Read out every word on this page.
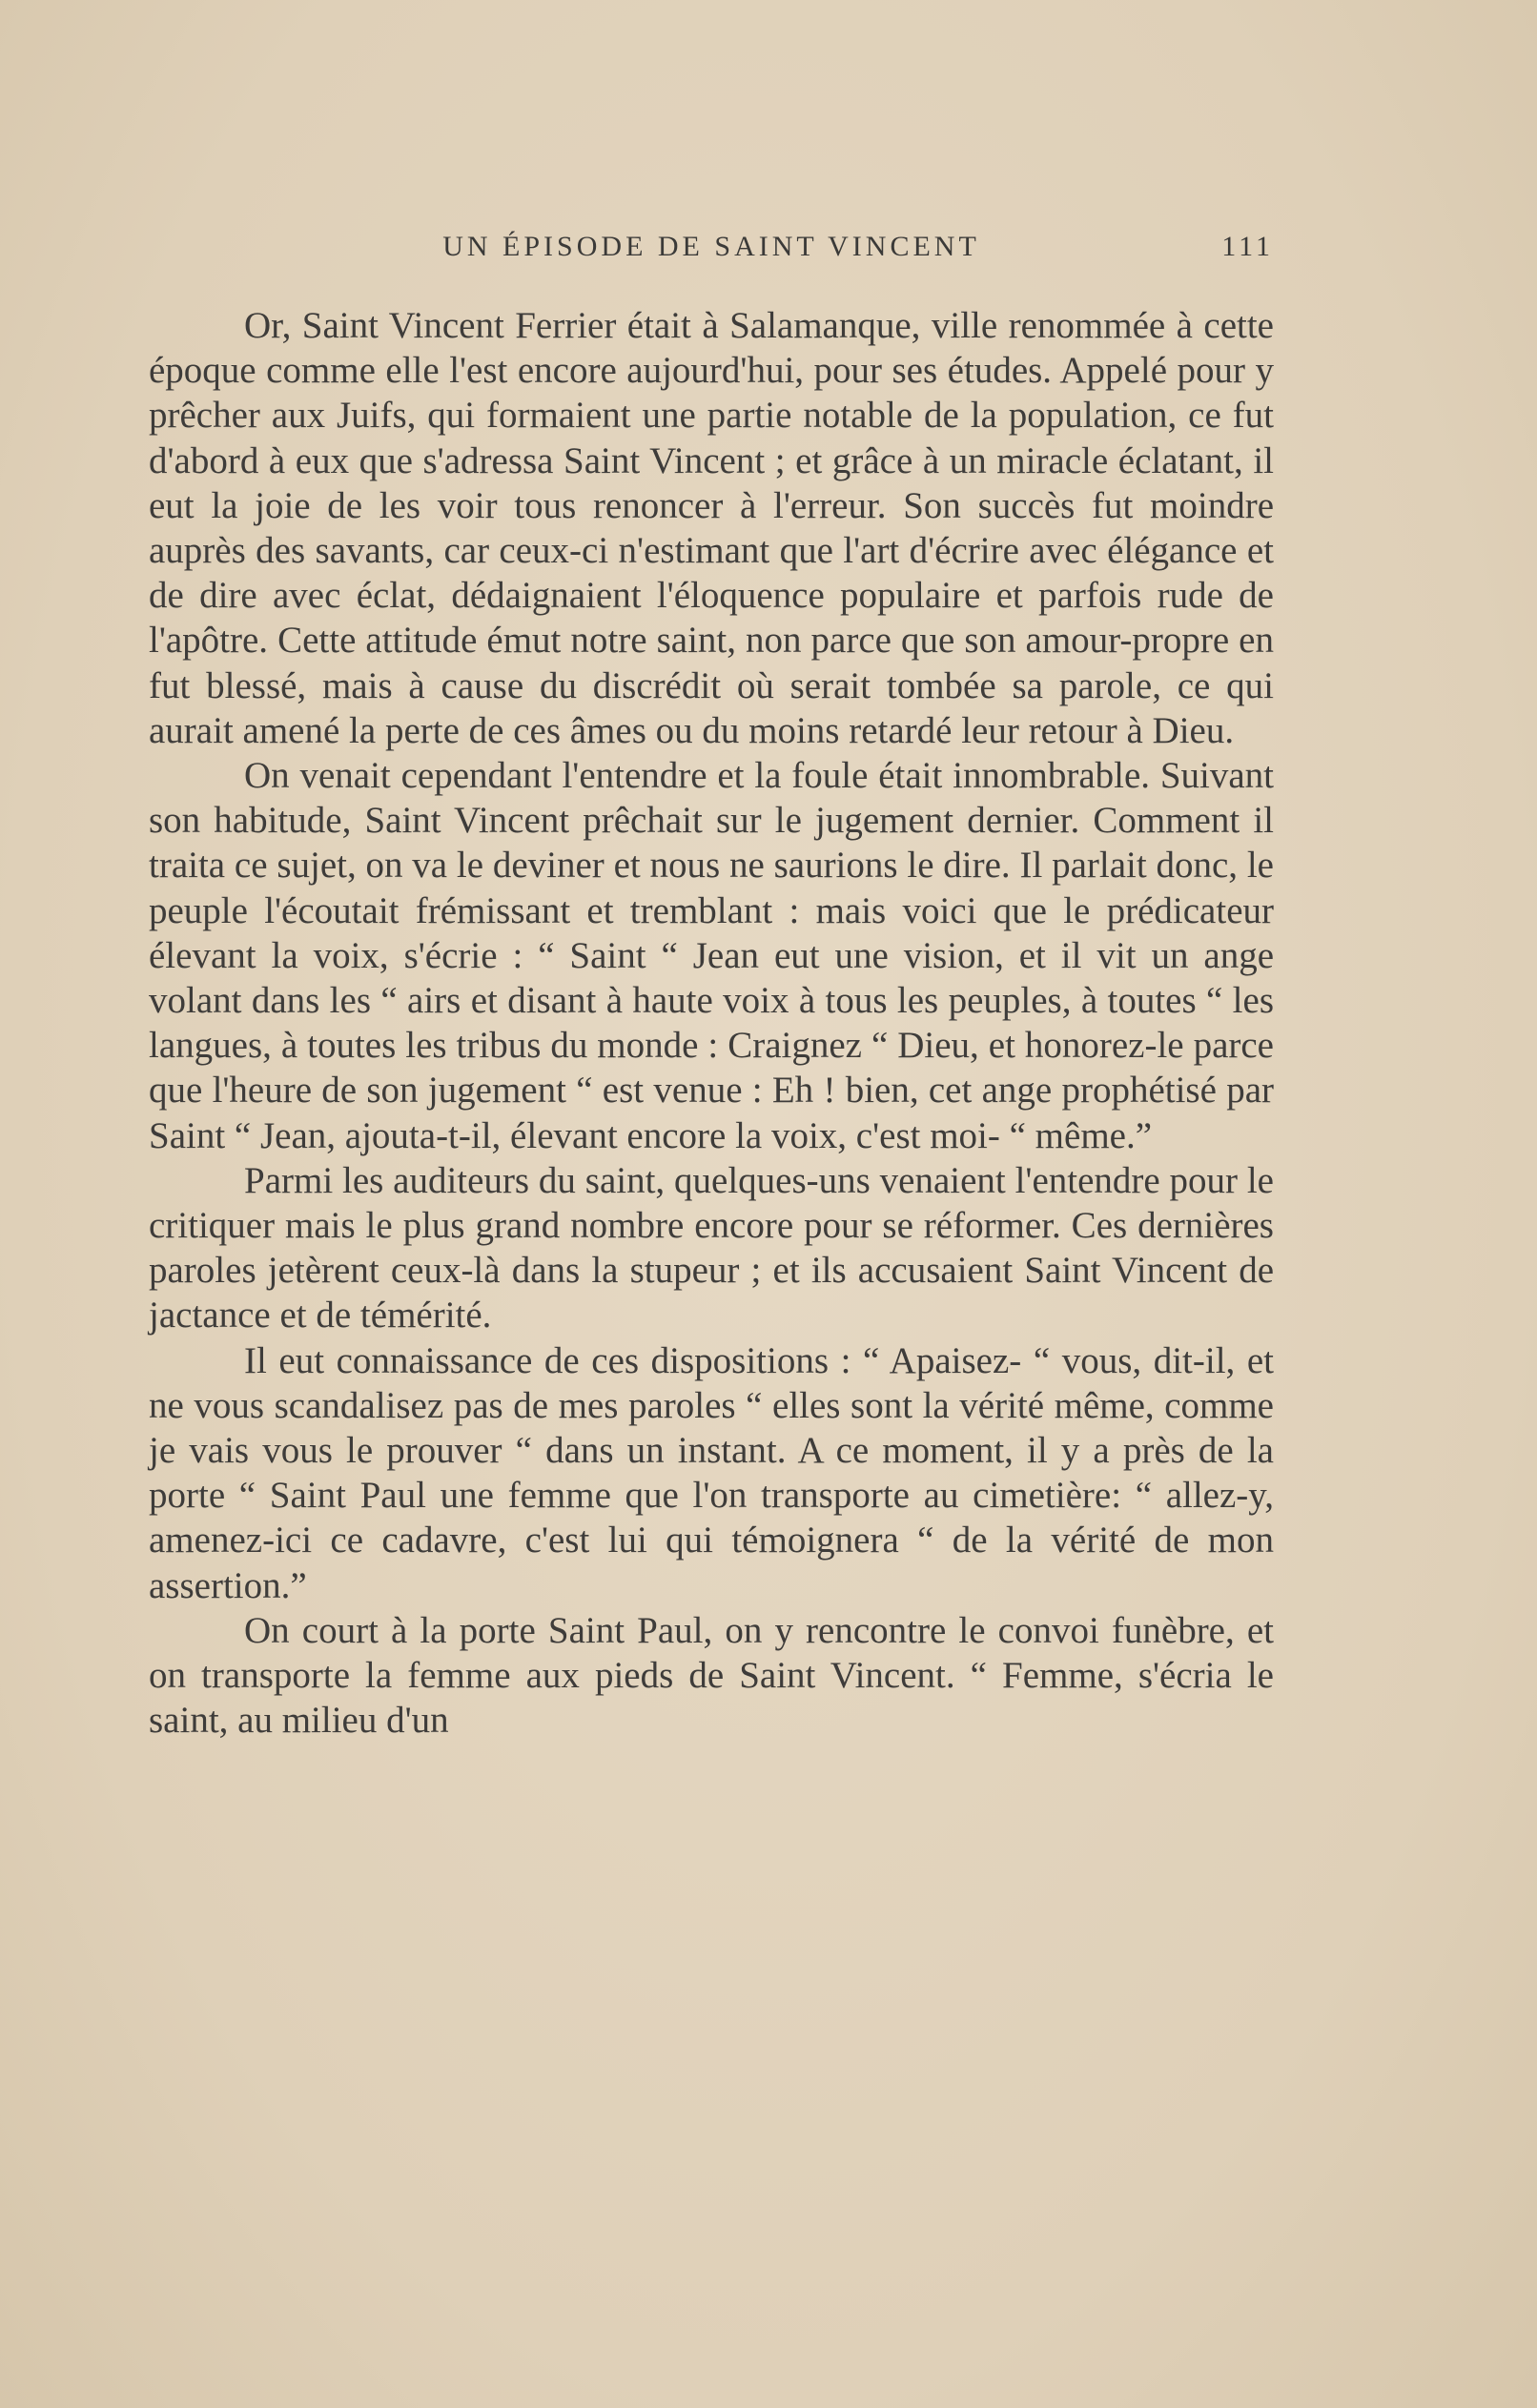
UN ÉPISODE DE SAINT VINCENT	111

Or, Saint Vincent Ferrier était à Salamanque, ville renommée à cette époque comme elle l'est encore aujourd'hui, pour ses études. Appelé pour y prêcher aux Juifs, qui formaient une partie notable de la population, ce fut d'abord à eux que s'adressa Saint Vincent ; et grâce à un miracle éclatant, il eut la joie de les voir tous renoncer à l'erreur. Son succès fut moindre auprès des savants, car ceux-ci n'estimant que l'art d'écrire avec élégance et de dire avec éclat, dédaignaient l'éloquence populaire et parfois rude de l'apôtre. Cette attitude émut notre saint, non parce que son amour-propre en fut blessé, mais à cause du discrédit où serait tombée sa parole, ce qui aurait amené la perte de ces âmes ou du moins retardé leur retour à Dieu.

On venait cependant l'entendre et la foule était innombrable. Suivant son habitude, Saint Vincent prêchait sur le jugement dernier. Comment il traita ce sujet, on va le deviner et nous ne saurions le dire. Il parlait donc, le peuple l'écoutait frémissant et tremblant : mais voici que le prédicateur élevant la voix, s'écrie : “ Saint “ Jean eut une vision, et il vit un ange volant dans les “ airs et disant à haute voix à tous les peuples, à toutes “ les langues, à toutes les tribus du monde : Craignez “ Dieu, et honorez-le parce que l'heure de son jugement “ est venue : Eh ! bien, cet ange prophétisé par Saint “ Jean, ajouta-t-il, élevant encore la voix, c'est moi- “ même.”

Parmi les auditeurs du saint, quelques-uns venaient l'entendre pour le critiquer mais le plus grand nombre encore pour se réformer. Ces dernières paroles jetèrent ceux-là dans la stupeur ; et ils accusaient Saint Vincent de jactance et de témérité.

Il eut connaissance de ces dispositions : “ Apaisez- “ vous, dit-il, et ne vous scandalisez pas de mes paroles “ elles sont la vérité même, comme je vais vous le prouver “ dans un instant. A ce moment, il y a près de la porte “ Saint Paul une femme que l'on transporte au cimetière: “ allez-y, amenez-ici ce cadavre, c'est lui qui témoignera “ de la vérité de mon assertion.”

On court à la porte Saint Paul, on y rencontre le convoi funèbre, et on transporte la femme aux pieds de Saint Vincent. “ Femme, s'écria le saint, au milieu d'un
